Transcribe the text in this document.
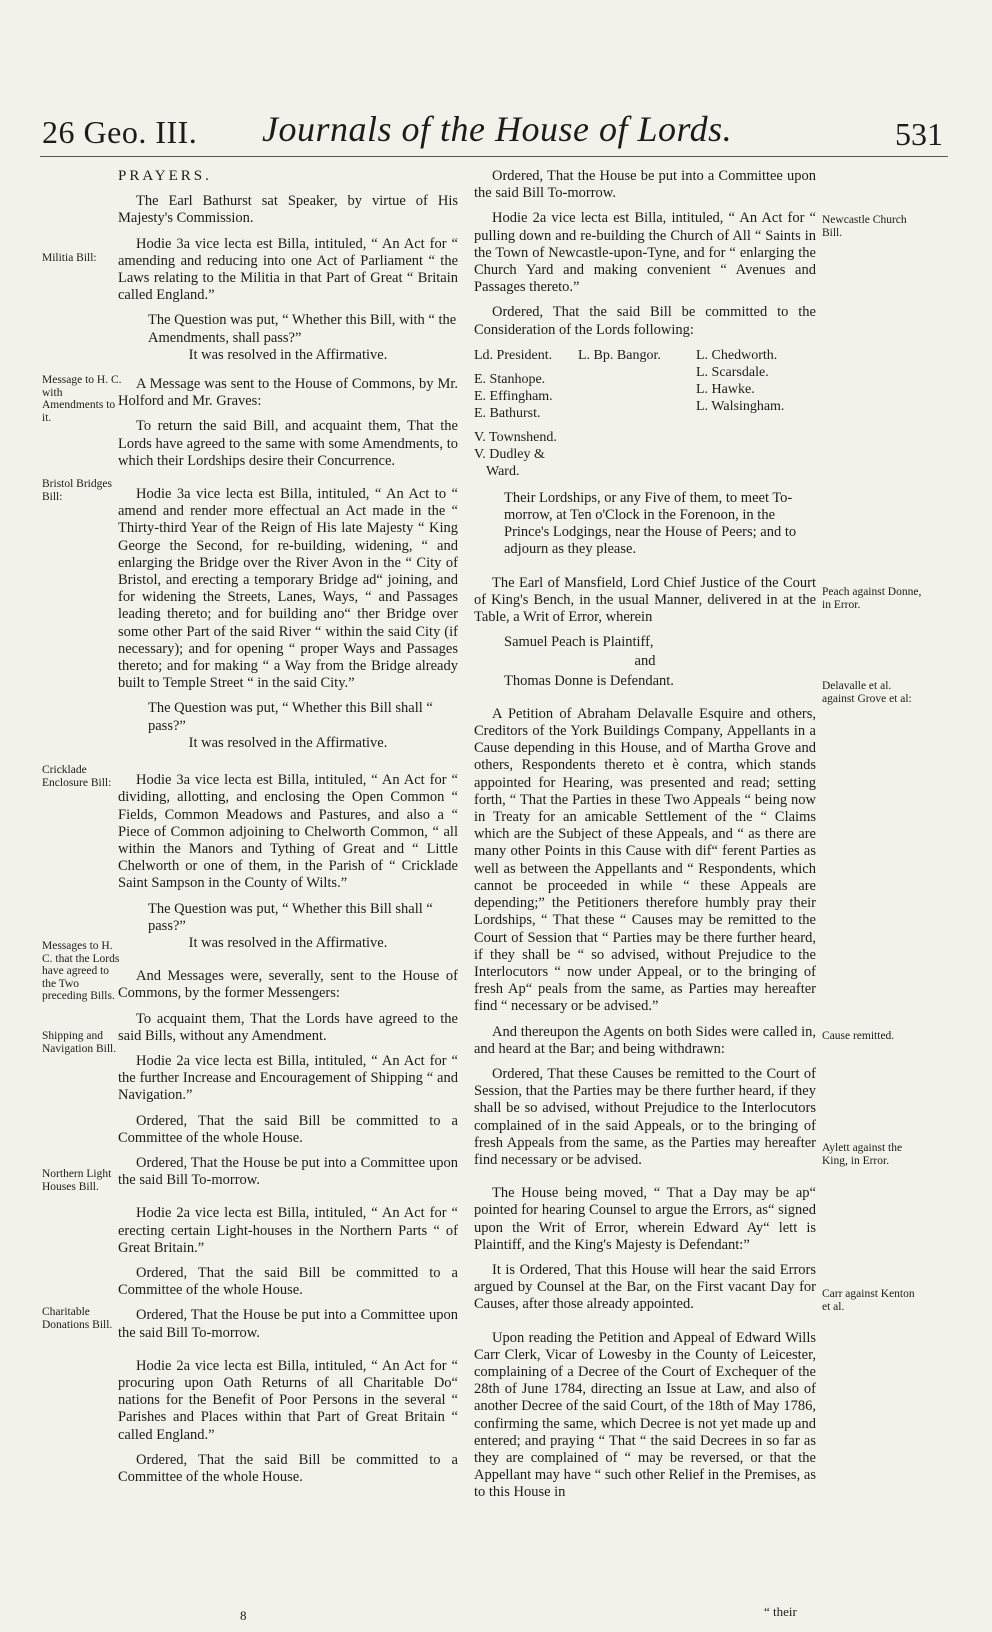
26 Geo. III. Journals of the House of Lords.	531
Militia Bill:
Message to H. C. with Amendments to it.
Bristol Bridges Bill:
Cricklade Enclosure Bill:
Messages to H. C. that the Lords have agreed to the Two preceding Bills.
Shipping and Navigation Bill.
Northern Light Houses Bill.
Charitable Donations Bill.

PRAYERS.

The Earl Bathurst sat Speaker, by virtue of His Majesty's Commission.

Hodie 3a vice lecta est Billa, intituled, “ An Act for “ amending and reducing into one Act of Parliament “ the Laws relating to the Militia in that Part of Great “ Britain called England.”

The Question was put, “ Whether this Bill, with “ the Amendments, shall pass?”

It was resolved in the Affirmative.

A Message was sent to the House of Commons, by Mr. Holford and Mr. Graves:

To return the said Bill, and acquaint them, That the Lords have agreed to the same with some Amendments, to which their Lordships desire their Concurrence.

Hodie 3a vice lecta est Billa, intituled, “ An Act to “ amend and render more effectual an Act made in the “ Thirty-third Year of the Reign of His late Majesty “ King George the Second, for re-building, widening, “ and enlarging the Bridge over the River Avon in the “ City of Bristol, and erecting a temporary Bridge ad“ joining, and for widening the Streets, Lanes, Ways, “ and Passages leading thereto; and for building ano“ ther Bridge over some other Part of the said River “ within the said City (if necessary); and for opening “ proper Ways and Passages thereto; and for making “ a Way from the Bridge already built to Temple Street “ in the said City.”

The Question was put, “ Whether this Bill shall “ pass?”

It was resolved in the Affirmative.

Hodie 3a vice lecta est Billa, intituled, “ An Act for “ dividing, allotting, and enclosing the Open Common “ Fields, Common Meadows and Pastures, and also a “ Piece of Common adjoining to Chelworth Common, “ all within the Manors and Tything of Great and “ Little Chelworth or one of them, in the Parish of “ Cricklade Saint Sampson in the County of Wilts.”

The Question was put, “ Whether this Bill shall “ pass?”

It was resolved in the Affirmative.

And Messages were, severally, sent to the House of Commons, by the former Messengers:

To acquaint them, That the Lords have agreed to the said Bills, without any Amendment.

Hodie 2a vice lecta est Billa, intituled, “ An Act for “ the further Increase and Encouragement of Shipping “ and Navigation.”

Ordered, That the said Bill be committed to a Committee of the whole House.

Ordered, That the House be put into a Committee upon the said Bill To-morrow.

Hodie 2a vice lecta est Billa, intituled, “ An Act for “ erecting certain Light-houses in the Northern Parts “ of Great Britain.”

Ordered, That the said Bill be committed to a Committee of the whole House.

Ordered, That the House be put into a Committee upon the said Bill To-morrow.

Hodie 2a vice lecta est Billa, intituled, “ An Act for “ procuring upon Oath Returns of all Charitable Do“ nations for the Benefit of Poor Persons in the several “ Parishes and Places within that Part of Great Britain “ called England.”

Ordered, That the said Bill be committed to a Committee of the whole House.

8

Ordered, That the House be put into a Committee upon the said Bill To-morrow.

Hodie 2a vice lecta est Billa, intituled, “ An Act for “ pulling down and re-building the Church of All “ Saints in the Town of Newcastle-upon-Tyne, and for “ enlarging the Church Yard and making convenient “ Avenues and Passages thereto.”

Ordered, That the said Bill be committed to the Consideration of the Lords following:

Ld. President.
E. Stanhope.
E. Effingham.
E. Bathurst.
V. Townshend.
V. Dudley &
Ward.
L. Bp. Bangor.	L. Chedworth.
L. Scarsdale.
L. Hawke.
L. Walsingham.

Their Lordships, or any Five of them, to meet To-morrow, at Ten o'Clock in the Forenoon, in the Prince's Lodgings, near the House of Peers; and to adjourn as they please.

The Earl of Mansfield, Lord Chief Justice of the Court of King's Bench, in the usual Manner, delivered in at the Table, a Writ of Error, wherein

Samuel Peach is Plaintiff,

and

Thomas Donne is Defendant.

A Petition of Abraham Delavalle Esquire and others, Creditors of the York Buildings Company, Appellants in a Cause depending in this House, and of Martha Grove and others, Respondents thereto et è contra, which stands appointed for Hearing, was presented and read; setting forth, “ That the Parties in these Two Appeals “ being now in Treaty for an amicable Settlement of the “ Claims which are the Subject of these Appeals, and “ as there are many other Points in this Cause with dif“ ferent Parties as well as between the Appellants and “ Respondents, which cannot be proceeded in while “ these Appeals are depending;” the Petitioners therefore humbly pray their Lordships, “ That these “ Causes may be remitted to the Court of Session that “ Parties may be there further heard, if they shall be “ so advised, without Prejudice to the Interlocutors “ now under Appeal, or to the bringing of fresh Ap“ peals from the same, as Parties may hereafter find “ necessary or be advised.”

And thereupon the Agents on both Sides were called in, and heard at the Bar; and being withdrawn:

Ordered, That these Causes be remitted to the Court of Session, that the Parties may be there further heard, if they shall be so advised, without Prejudice to the Interlocutors complained of in the said Appeals, or to the bringing of fresh Appeals from the same, as the Parties may hereafter find necessary or be advised.

The House being moved, “ That a Day may be ap“ pointed for hearing Counsel to argue the Errors, as“ signed upon the Writ of Error, wherein Edward Ay“ lett is Plaintiff, and the King's Majesty is Defendant:”

It is Ordered, That this House will hear the said Errors argued by Counsel at the Bar, on the First vacant Day for Causes, after those already appointed.

Upon reading the Petition and Appeal of Edward Wills Carr Clerk, Vicar of Lowesby in the County of Leicester, complaining of a Decree of the Court of Exchequer of the 28th of June 1784, directing an Issue at Law, and also of another Decree of the said Court, of the 18th of May 1786, confirming the same, which Decree is not yet made up and entered; and praying “ That “ the said Decrees in so far as they are complained of “ may be reversed, or that the Appellant may have “ such other Relief in the Premises, as to this House in

“ their
Newcastle Church Bill.
Peach against Donne, in Error.
Delavalle et al. against Grove et al:
Cause remitted.
Aylett against the King, in Error.
Carr against Kenton et al.
